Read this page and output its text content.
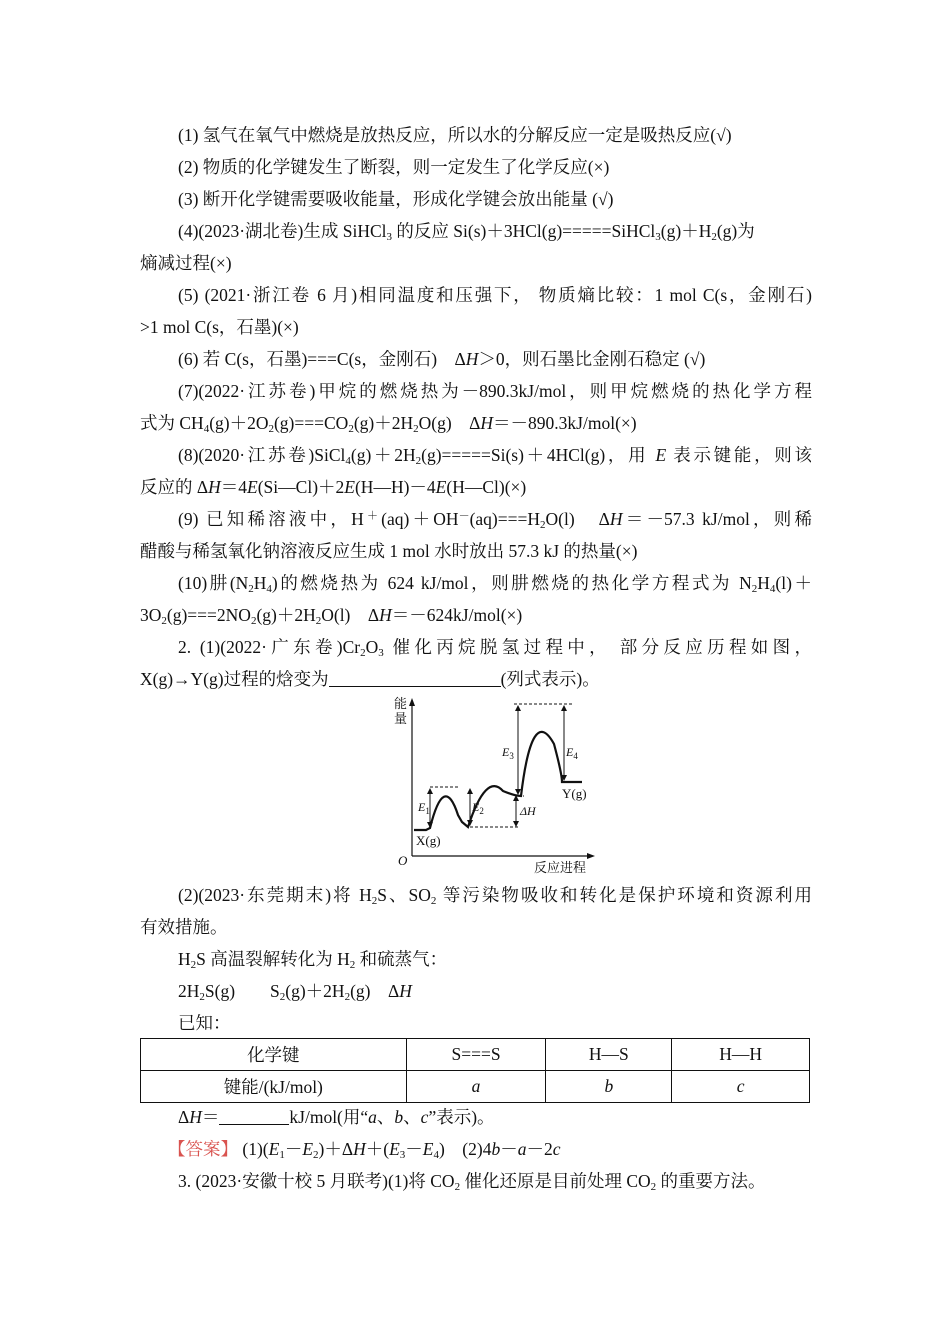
(1) 氢气在氧气中燃烧是放热反应，所以水的分解反应一定是吸热反应(√)
(2) 物质的化学键发生了断裂，则一定发生了化学反应(×)
(3) 断开化学键需要吸收能量，形成化学键会放出能量 (√)
(4)(2023·湖北卷)生成 SiHCl$_3$ 的反应 $Si(s)+3HCl(g)=====SiHCl_3(g)+H_2(g)$为
熵减过程(×)
(5) (2021·浙江卷 6 月)相同温度和压强下， 物质熵比较：1 mol C(s，金刚石)
>1 mol C(s，石墨)(×)
(6) 若 C(s，石墨)===C(s，金刚石)　ΔH＞0，则石墨比金刚石稳定 (√)
(7)(2022·江苏卷)甲烷的燃烧热为－890.3kJ/mol，则甲烷燃烧的热化学方程
式为 $CH_4(g)+2O_2(g)===CO_2(g)+2H_2O(g)$　ΔH＝－890.3kJ/mol(×)
(8)(2020·江苏卷)$SiCl_4(g)+2H_2(g)=====Si(s)+4HCl(g)$，用 E 表示键能，则该
反应的 ΔH＝4E(Si—Cl)＋2E(H—H)－4E(H—Cl)(×)
(9) 已知稀溶液中，$H^+(aq)+OH^-(aq)===H_2O(l)$　ΔH＝－57.3 kJ/mol，则稀
醋酸与稀氢氧化钠溶液反应生成 1 mol 水时放出 57.3 kJ 的热量(×)
(10)肼$(N_2H_4)$的燃烧热为 624 kJ/mol，则肼燃烧的热化学方程式为 $N_2H_4(l)+$
$3O_2(g)===2NO_2(g)+2H_2O(l)$　ΔH＝－624kJ/mol(×)
2. (1)(2022·广东卷)$Cr_2O_3$ 催化丙烷脱氢过程中， 部分反应历程如图，
X(g)→Y(g)过程的焓变为	(列式表示)。
能
量
O	反应进程
$E_1$	$E_2$
$E_3$	$E_4$
ΔH
X(g)
Y(g)
(2)(2023·东莞期末)将 $H_2S$、$SO_2$ 等污染物吸收和转化是保护环境和资源利用
有效措施。
$H_2S$ 高温裂解转化为 $H_2$ 和硫蒸气：
$2H_2S(g)$　　$S_2(g)+2H_2(g)$　ΔH
已知：
化学键	S===S	H—S	H—H
键能/(kJ/mol)	a	b	c
ΔH＝	kJ/mol(用“a、b、c”表示)。
【答案】 $(1)(E_1-E_2)+\Delta H+(E_3-E_4)$　(2)4b－a－2c
3. (2023·安徽十校 5 月联考)(1)将 $CO_2$ 催化还原是目前处理 $CO_2$ 的重要方法。
